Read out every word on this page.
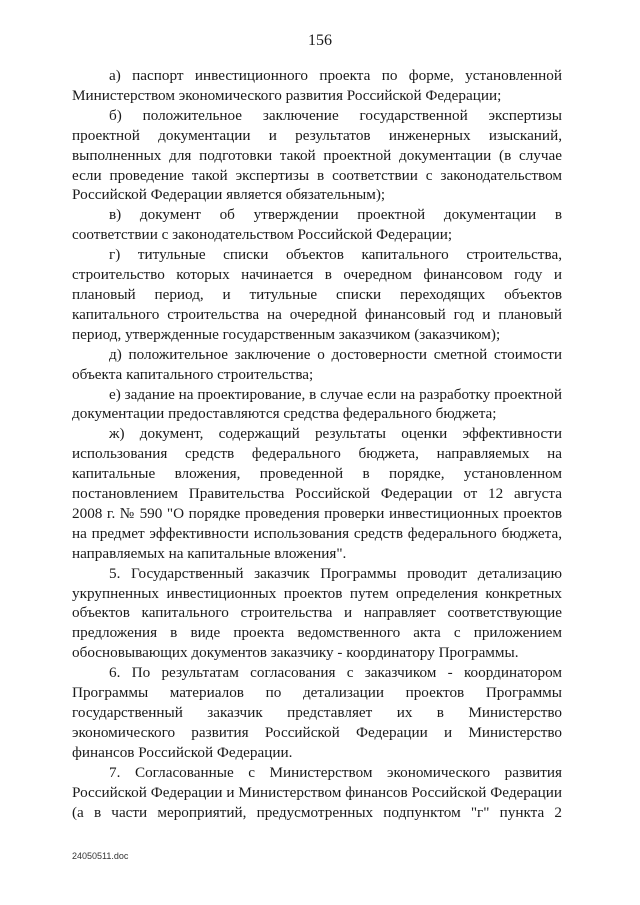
156
а) паспорт инвестиционного проекта по форме, установленной
Министерством экономического развития Российской Федерации;
б) положительное заключение государственной экспертизы
проектной документации и результатов инженерных изысканий,
выполненных для подготовки такой проектной документации (в случае
если проведение такой экспертизы в соответствии с законодательством
Российской Федерации является обязательным);
в) документ об утверждении проектной документации в
соответствии с законодательством Российской Федерации;
г) титульные списки объектов капитального строительства,
строительство которых начинается в очередном финансовом году и
плановый период, и титульные списки переходящих объектов
капитального строительства на очередной финансовый год и плановый
период, утвержденные государственным заказчиком (заказчиком);
д) положительное заключение о достоверности сметной стоимости
объекта капитального строительства;
е) задание на проектирование, в случае если на разработку проектной
документации предоставляются средства федерального бюджета;
ж) документ, содержащий результаты оценки эффективности
использования средств федерального бюджета, направляемых на
капитальные вложения, проведенной в порядке, установленном
постановлением Правительства Российской Федерации от 12 августа
2008 г. № 590 "О порядке проведения проверки инвестиционных проектов
на предмет эффективности использования средств федерального бюджета,
направляемых на капитальные вложения".
5. Государственный заказчик Программы проводит детализацию
укрупненных инвестиционных проектов путем определения конкретных
объектов капитального строительства и направляет соответствующие
предложения в виде проекта ведомственного акта с приложением
обосновывающих документов заказчику - координатору Программы.
6. По результатам согласования с заказчиком - координатором
Программы материалов по детализации проектов Программы
государственный заказчик представляет их в Министерство
экономического развития Российской Федерации и Министерство
финансов Российской Федерации.
7. Согласованные с Министерством экономического развития
Российской Федерации и Министерством финансов Российской Федерации
(а в части мероприятий, предусмотренных подпунктом "г" пункта 2
24050511.doc
